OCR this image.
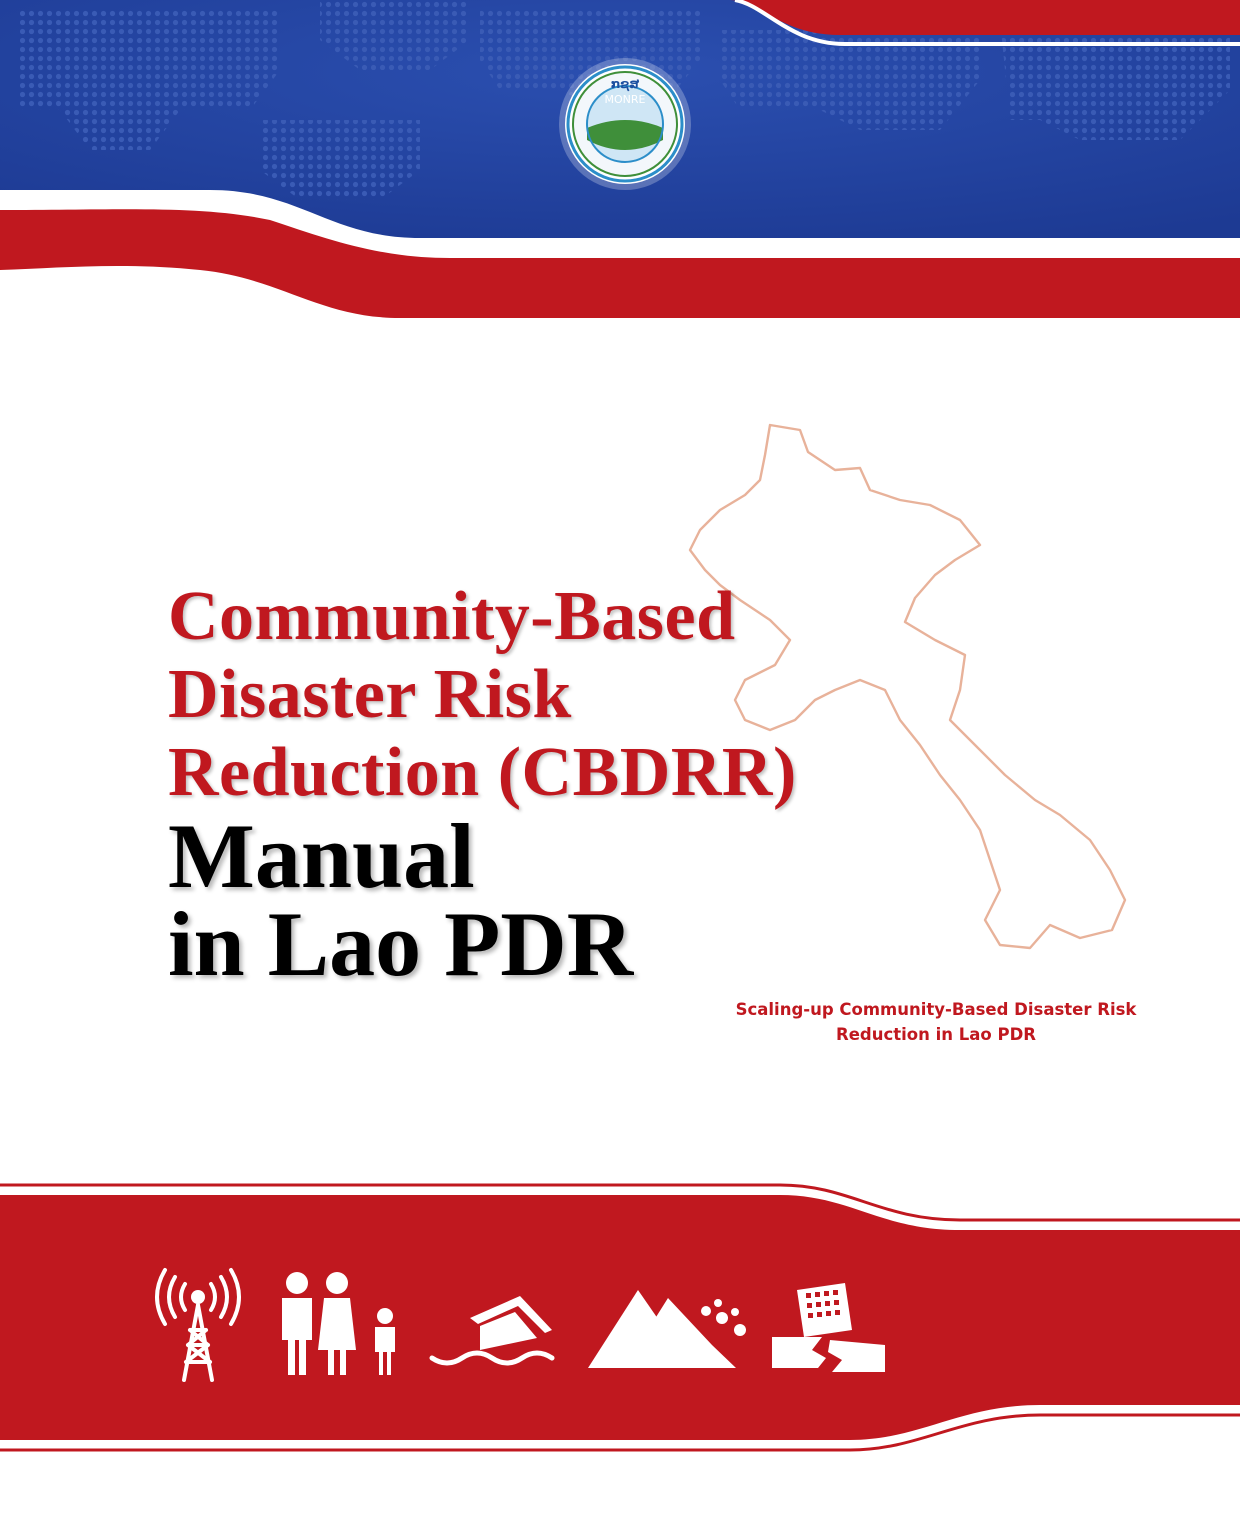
ກຊສ
MONRE
Community-Based
Disaster Risk
Reduction (CBDRR)
Manual
in Lao PDR
Scaling-up Community-Based Disaster Risk
Reduction in Lao PDR
